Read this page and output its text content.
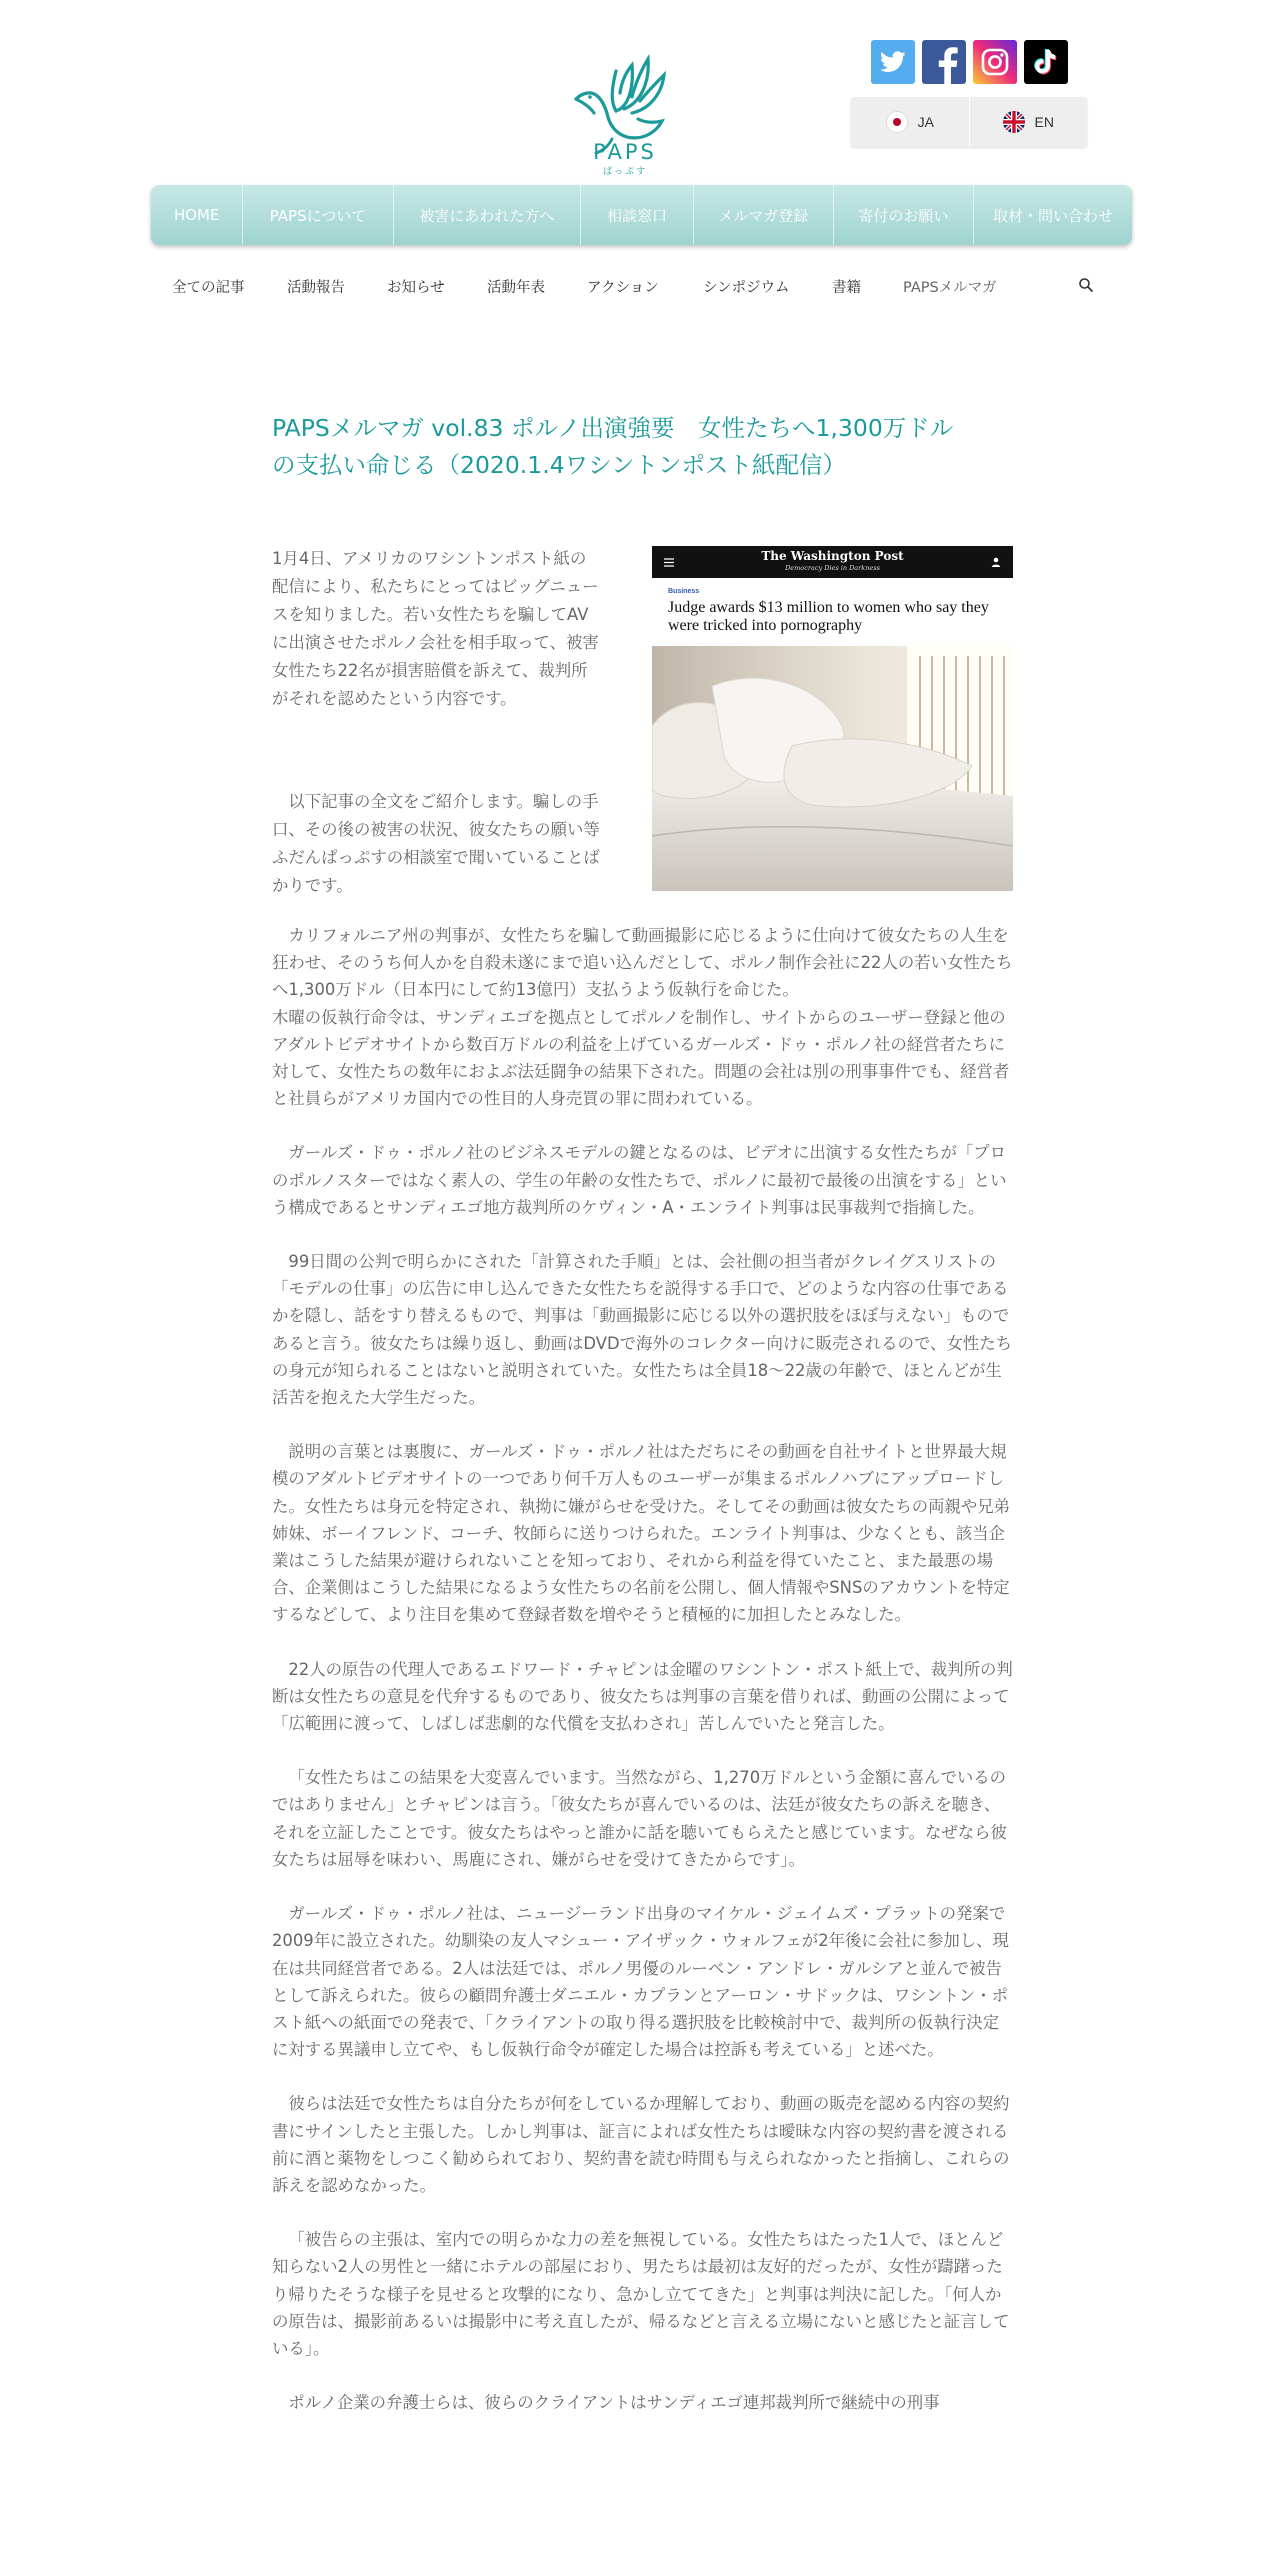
JA	EN
PAPS
ぱっぷす
HOME	PAPSについて	被害にあわれた方へ	相談窓口	メルマガ登録	寄付のお願い	取材・問い合わせ
全ての記事	活動報告	お知らせ	活動年表	アクション	シンポジウム	書籍	PAPSメルマガ
PAPSメルマガ vol.83 ポルノ出演強要　女性たちへ1,300万ドル
の支払い命じる（2020.1.4ワシントンポスト紙配信）

1月4日、アメリカのワシントンポスト紙の配信により、私たちにとってはビッグニュースを知りました。若い女性たちを騙してAVに出演させたポルノ会社を相手取って、被害女性たち22名が損害賠償を訴えて、裁判所がそれを認めたという内容です。

　以下記事の全文をご紹介します。騙しの手口、その後の被害の状況、彼女たちの願い等ふだんぱっぷすの相談室で聞いていることばかりです。

The Washington Post
Democracy Dies in Darkness
Business
Judge awards $13 million to women who say they were tricked into pornography

カリフォルニア州の判事が、女性たちを騙して動画撮影に応じるように仕向けて彼女たちの人生を狂わせ、そのうち何人かを自殺未遂にまで追い込んだとして、ポルノ制作会社に22人の若い女性たちへ1,300万ドル（日本円にして約13億円）支払うよう仮執行を命じた。
木曜の仮執行命令は、サンディエゴを拠点としてポルノを制作し、サイトからのユーザー登録と他のアダルトビデオサイトから数百万ドルの利益を上げているガールズ・ドゥ・ポルノ社の経営者たちに対して、女性たちの数年におよぶ法廷闘争の結果下された。問題の会社は別の刑事事件でも、経営者と社員らがアメリカ国内での性目的人身売買の罪に問われている。

ガールズ・ドゥ・ポルノ社のビジネスモデルの鍵となるのは、ビデオに出演する女性たちが「プロのポルノスターではなく素人の、学生の年齢の女性たちで、ポルノに最初で最後の出演をする」という構成であるとサンディエゴ地方裁判所のケヴィン・A・エンライト判事は民事裁判で指摘した。

99日間の公判で明らかにされた「計算された手順」とは、会社側の担当者がクレイグスリストの「モデルの仕事」の広告に申し込んできた女性たちを説得する手口で、どのような内容の仕事であるかを隠し、話をすり替えるもので、判事は「動画撮影に応じる以外の選択肢をほぼ与えない」ものであると言う。彼女たちは繰り返し、動画はDVDで海外のコレクター向けに販売されるので、女性たちの身元が知られることはないと説明されていた。女性たちは全員18～22歳の年齢で、ほとんどが生活苦を抱えた大学生だった。

説明の言葉とは裏腹に、ガールズ・ドゥ・ポルノ社はただちにその動画を自社サイトと世界最大規模のアダルトビデオサイトの一つであり何千万人ものユーザーが集まるポルノハブにアップロードした。女性たちは身元を特定され、執拗に嫌がらせを受けた。そしてその動画は彼女たちの両親や兄弟姉妹、ボーイフレンド、コーチ、牧師らに送りつけられた。エンライト判事は、少なくとも、該当企業はこうした結果が避けられないことを知っており、それから利益を得ていたこと、また最悪の場合、企業側はこうした結果になるよう女性たちの名前を公開し、個人情報やSNSのアカウントを特定するなどして、より注目を集めて登録者数を増やそうと積極的に加担したとみなした。

22人の原告の代理人であるエドワード・チャピンは金曜のワシントン・ポスト紙上で、裁判所の判断は女性たちの意見を代弁するものであり、彼女たちは判事の言葉を借りれば、動画の公開によって「広範囲に渡って、しばしば悲劇的な代償を支払わされ」苦しんでいたと発言した。

「女性たちはこの結果を大変喜んでいます。当然ながら、1,270万ドルという金額に喜んでいるのではありません」とチャピンは言う。「彼女たちが喜んでいるのは、法廷が彼女たちの訴えを聴き、それを立証したことです。彼女たちはやっと誰かに話を聴いてもらえたと感じています。なぜなら彼女たちは屈辱を味わい、馬鹿にされ、嫌がらせを受けてきたからです」。

ガールズ・ドゥ・ポルノ社は、ニュージーランド出身のマイケル・ジェイムズ・プラットの発案で2009年に設立された。幼馴染の友人マシュー・アイザック・ウォルフェが2年後に会社に参加し、現在は共同経営者である。2人は法廷では、ポルノ男優のルーベン・アンドレ・ガルシアと並んで被告として訴えられた。彼らの顧問弁護士ダニエル・カプランとアーロン・サドックは、ワシントン・ポスト紙への紙面での発表で、「クライアントの取り得る選択肢を比較検討中で、裁判所の仮執行決定に対する異議申し立てや、もし仮執行命令が確定した場合は控訴も考えている」と述べた。

彼らは法廷で女性たちは自分たちが何をしているか理解しており、動画の販売を認める内容の契約書にサインしたと主張した。しかし判事は、証言によれば女性たちは曖昧な内容の契約書を渡される前に酒と薬物をしつこく勧められており、契約書を読む時間も与えられなかったと指摘し、これらの訴えを認めなかった。

「被告らの主張は、室内での明らかな力の差を無視している。女性たちはたった1人で、ほとんど知らない2人の男性と一緒にホテルの部屋におり、男たちは最初は友好的だったが、女性が躊躇ったり帰りたそうな様子を見せると攻撃的になり、急かし立ててきた」と判事は判決に記した。「何人かの原告は、撮影前あるいは撮影中に考え直したが、帰るなどと言える立場にないと感じたと証言している」。

ポルノ企業の弁護士らは、彼らのクライアントはサンディエゴ連邦裁判所で継続中の刑事
